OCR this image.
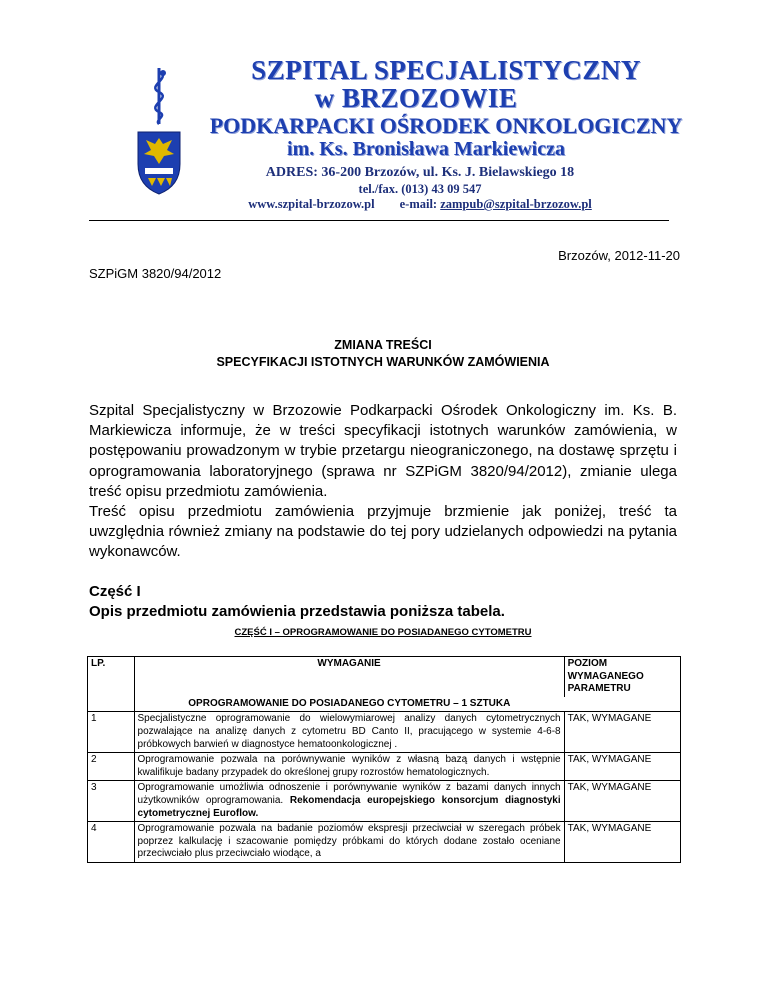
SZPITAL SPECJALISTYCZNY
w BRZOZOWIE
PODKARPACKI OŚRODEK ONKOLOGICZNY
im. Ks. Bronisława Markiewicza
ADRES: 36-200 Brzozów, ul. Ks. J. Bielawskiego 18
tel./fax. (013) 43 09 547
www.szpital-brzozow.pl e-mail: zampub@szpital-brzozow.pl
Brzozów, 2012-11-20
SZPiGM 3820/94/2012
ZMIANA TREŚCI
SPECYFIKACJI ISTOTNYCH WARUNKÓW ZAMÓWIENIA

Szpital Specjalistyczny w Brzozowie Podkarpacki Ośrodek Onkologiczny im. Ks. B. Markiewicza informuje, że w treści specyfikacji istotnych warunków zamówienia, w postępowaniu prowadzonym w trybie przetargu nieograniczonego, na dostawę sprzętu i oprogramowania laboratoryjnego (sprawa nr SZPiGM 3820/94/2012), zmianie ulega treść opisu przedmiotu zamówienia.

Treść opisu przedmiotu zamówienia przyjmuje brzmienie jak poniżej, treść ta uwzględnia również zmiany na podstawie do tej pory udzielanych odpowiedzi na pytania wykonawców.

Część I
Opis przedmiotu zamówienia przedstawia poniższa tabela.
CZĘŚĆ I – OPROGRAMOWANIE DO POSIADANEGO CYTOMETRU
LP.	WYMAGANIE	POZIOM WYMAGANEGO PARAMETRU
	OPROGRAMOWANIE DO POSIADANEGO CYTOMETRU – 1 SZTUKA	
1	Specjalistyczne oprogramowanie do wielowymiarowej analizy danych cytometrycznych pozwalające na analizę danych z cytometru BD Canto II, pracującego w systemie 4-6-8 próbkowych barwień w diagnostyce hematoonkologicznej .	TAK, WYMAGANE
2	Oprogramowanie pozwala na porównywanie wyników z własną bazą danych i wstępnie kwalifikuje badany przypadek do określonej grupy rozrostów hematologicznych.	TAK, WYMAGANE
3	Oprogramowanie umożliwia odnoszenie i porównywanie wyników z bazami danych innych użytkowników oprogramowania. Rekomendacja europejskiego konsorcjum diagnostyki cytometrycznej Euroflow.	TAK, WYMAGANE
4	Oprogramowanie pozwala na badanie poziomów ekspresji przeciwciał w szeregach próbek poprzez kalkulację i szacowanie pomiędzy próbkami do których dodane zostało oceniane przeciwciało plus przeciwciało wiodące, a	TAK, WYMAGANE
